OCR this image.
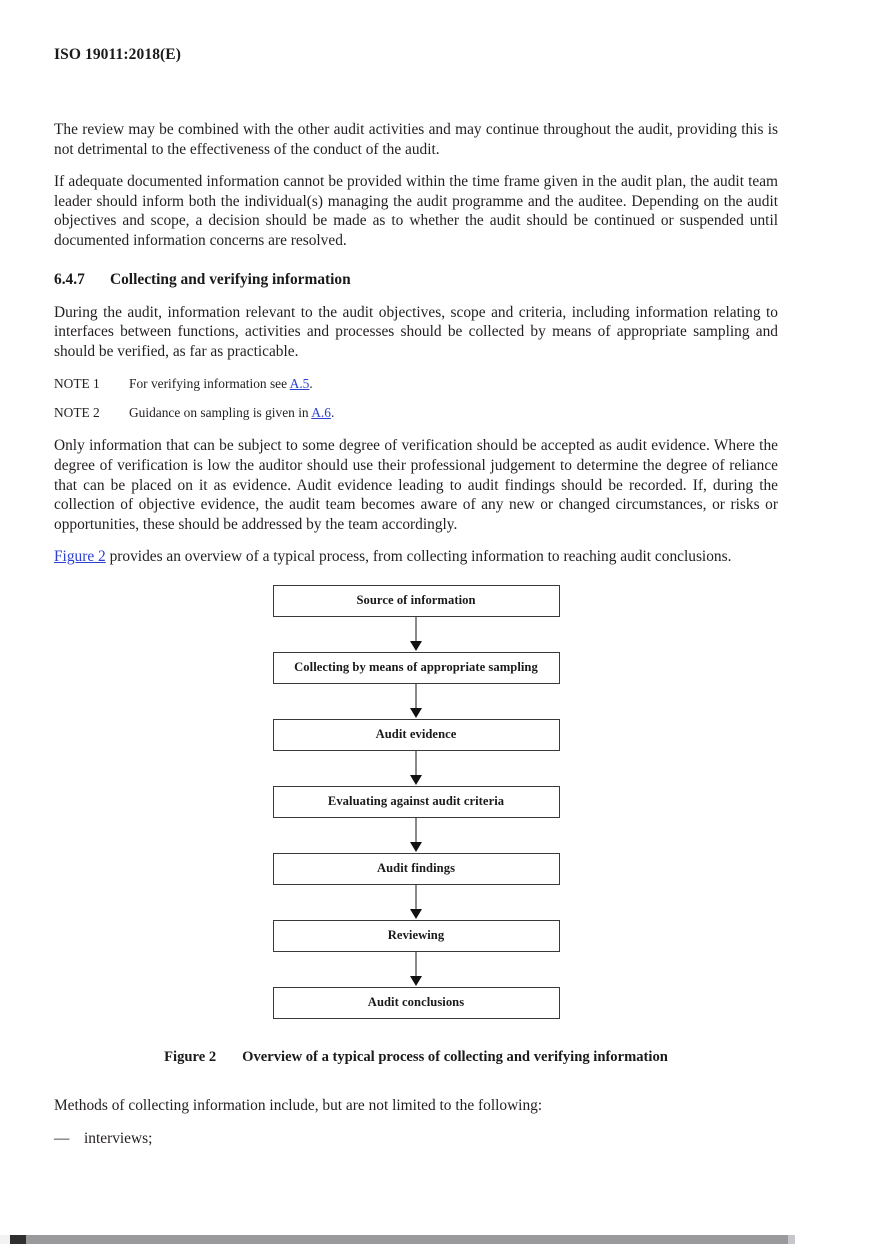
ISO 19011:2018(E)

The review may be combined with the other audit activities and may continue throughout the audit, providing this is not detrimental to the effectiveness of the conduct of the audit.

If adequate documented information cannot be provided within the time frame given in the audit plan, the audit team leader should inform both the individual(s) managing the audit programme and the auditee. Depending on the audit objectives and scope, a decision should be made as to whether the audit should be continued or suspended until documented information concerns are resolved.

6.4.7	Collecting and verifying information

During the audit, information relevant to the audit objectives, scope and criteria, including information relating to interfaces between functions, activities and processes should be collected by means of appropriate sampling and should be verified, as far as practicable.

NOTE 1	For verifying information see A.5.
NOTE 2	Guidance on sampling is given in A.6.

Only information that can be subject to some degree of verification should be accepted as audit evidence. Where the degree of verification is low the auditor should use their professional judgement to determine the degree of reliance that can be placed on it as evidence. Audit evidence leading to audit findings should be recorded. If, during the collection of objective evidence, the audit team becomes aware of any new or changed circumstances, or risks or opportunities, these should be addressed by the team accordingly.

Figure 2 provides an overview of a typical process, from collecting information to reaching audit conclusions.

Source of information
Collecting by means of appropriate sampling
Audit evidence
Evaluating against audit criteria
Audit findings
Reviewing
Audit conclusions
Figure 2 Overview of a typical process of collecting and verifying information

Methods of collecting information include, but are not limited to the following:

— interviews;
